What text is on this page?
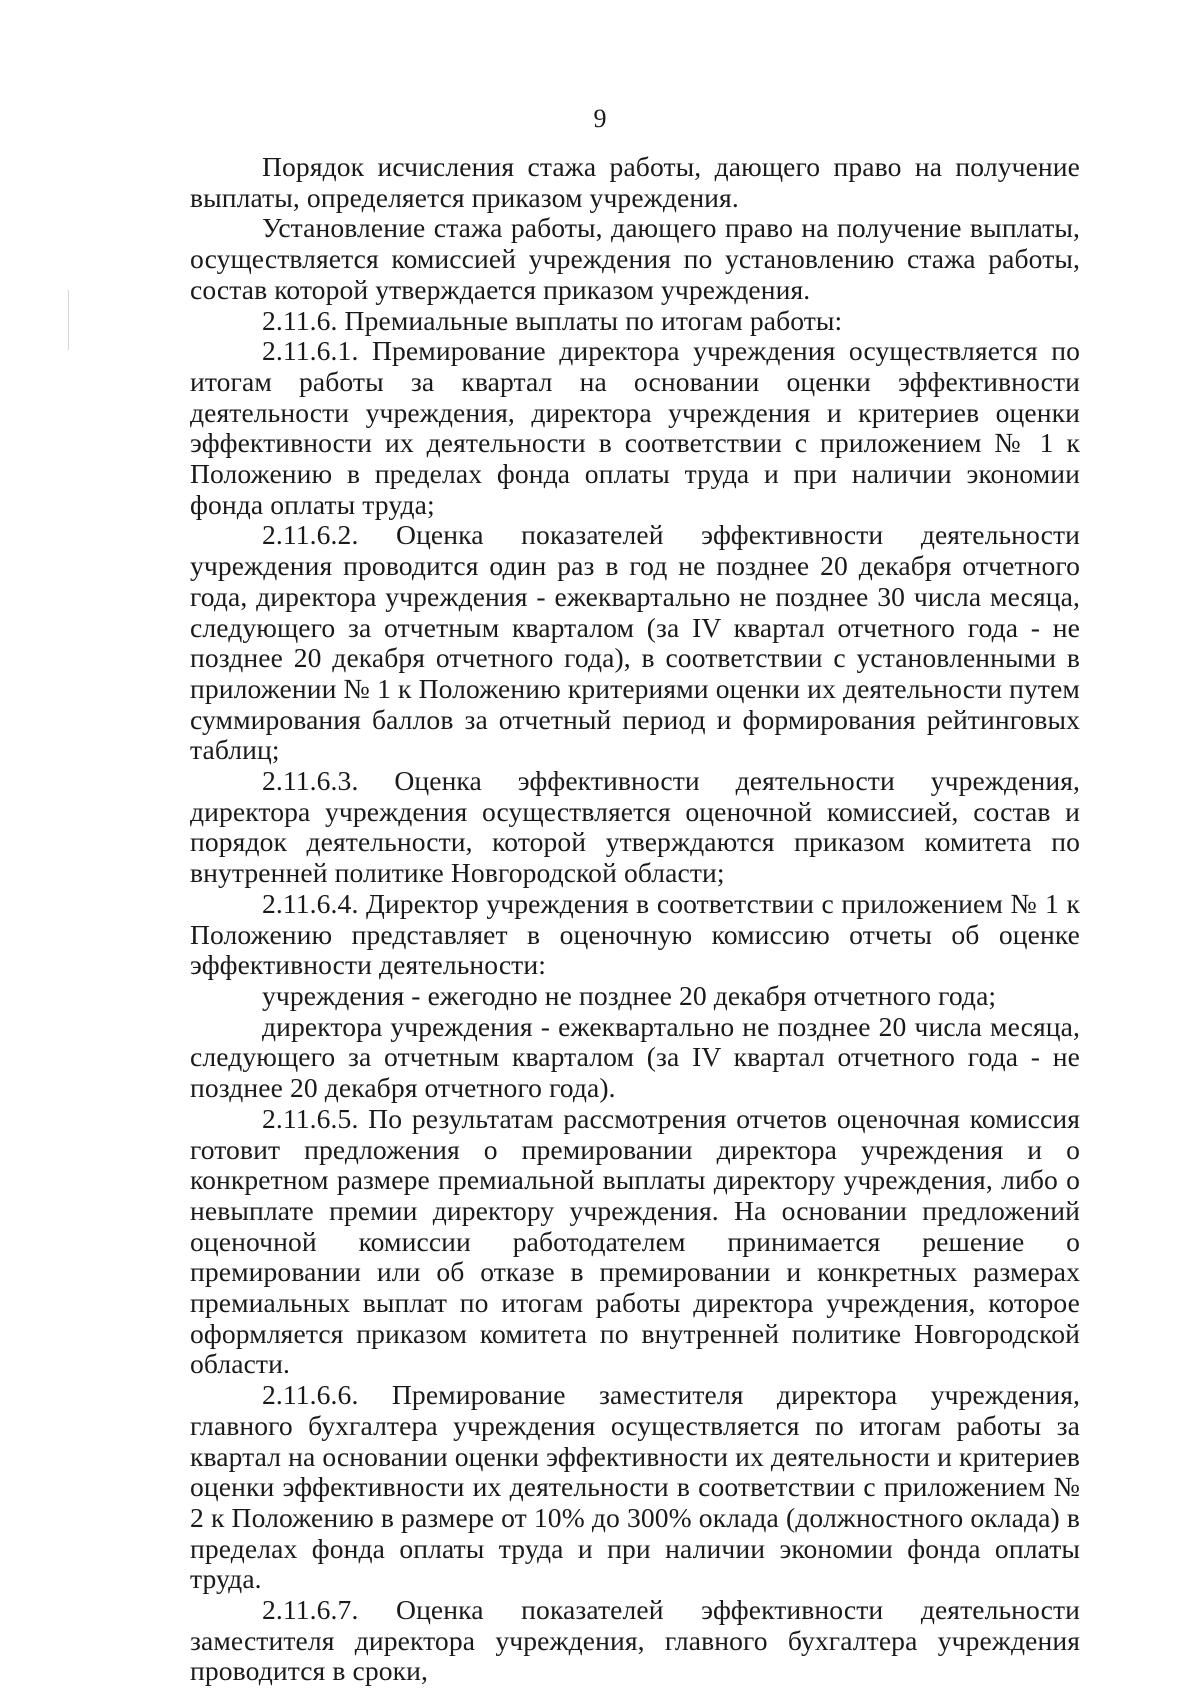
9

Порядок исчисления стажа работы, дающего право на получение выплаты, определяется приказом учреждения.

Установление стажа работы, дающего право на получение выплаты, осуществляется комиссией учреждения по установлению стажа работы, состав которой утверждается приказом учреждения.

2.11.6. Премиальные выплаты по итогам работы:

2.11.6.1. Премирование директора учреждения осуществляется по итогам работы за квартал на основании оценки эффективности деятельности учреждения, директора учреждения и критериев оценки эффективности их деятельности в соответствии с приложением № 1 к Положению в пределах фонда оплаты труда и при наличии экономии фонда оплаты труда;

2.11.6.2. Оценка показателей эффективности деятельности учреждения проводится один раз в год не позднее 20 декабря отчетного года, директора учреждения - ежеквартально не позднее 30 числа месяца, следующего за отчетным кварталом (за IV квартал отчетного года - не позднее 20 декабря отчетного года), в соответствии с установленными в приложении № 1 к Положению критериями оценки их деятельности путем суммирования баллов за отчетный период и формирования рейтинговых таблиц;

2.11.6.3. Оценка эффективности деятельности учреждения, директора учреждения осуществляется оценочной комиссией, состав и порядок деятельности, которой утверждаются приказом комитета по внутренней политике Новгородской области;

2.11.6.4. Директор учреждения в соответствии с приложением № 1 к Положению представляет в оценочную комиссию отчеты об оценке эффективности деятельности:

учреждения - ежегодно не позднее 20 декабря отчетного года;

директора учреждения - ежеквартально не позднее 20 числа месяца, следующего за отчетным кварталом (за IV квартал отчетного года - не позднее 20 декабря отчетного года).

2.11.6.5. По результатам рассмотрения отчетов оценочная комиссия готовит предложения о премировании директора учреждения и о конкретном размере премиальной выплаты директору учреждения, либо о невыплате премии директору учреждения. На основании предложений оценочной комиссии работодателем принимается решение о премировании или об отказе в премировании и конкретных размерах премиальных выплат по итогам работы директора учреждения, которое оформляется приказом комитета по внутренней политике Новгородской области.

2.11.6.6. Премирование заместителя директора учреждения, главного бухгалтера учреждения осуществляется по итогам работы за квартал на основании оценки эффективности их деятельности и критериев оценки эффективности их деятельности в соответствии с приложением № 2 к Положению в размере от 10% до 300% оклада (должностного оклада) в пределах фонда оплаты труда и при наличии экономии фонда оплаты труда.

2.11.6.7. Оценка показателей эффективности деятельности заместителя директора учреждения, главного бухгалтера учреждения проводится в сроки,
